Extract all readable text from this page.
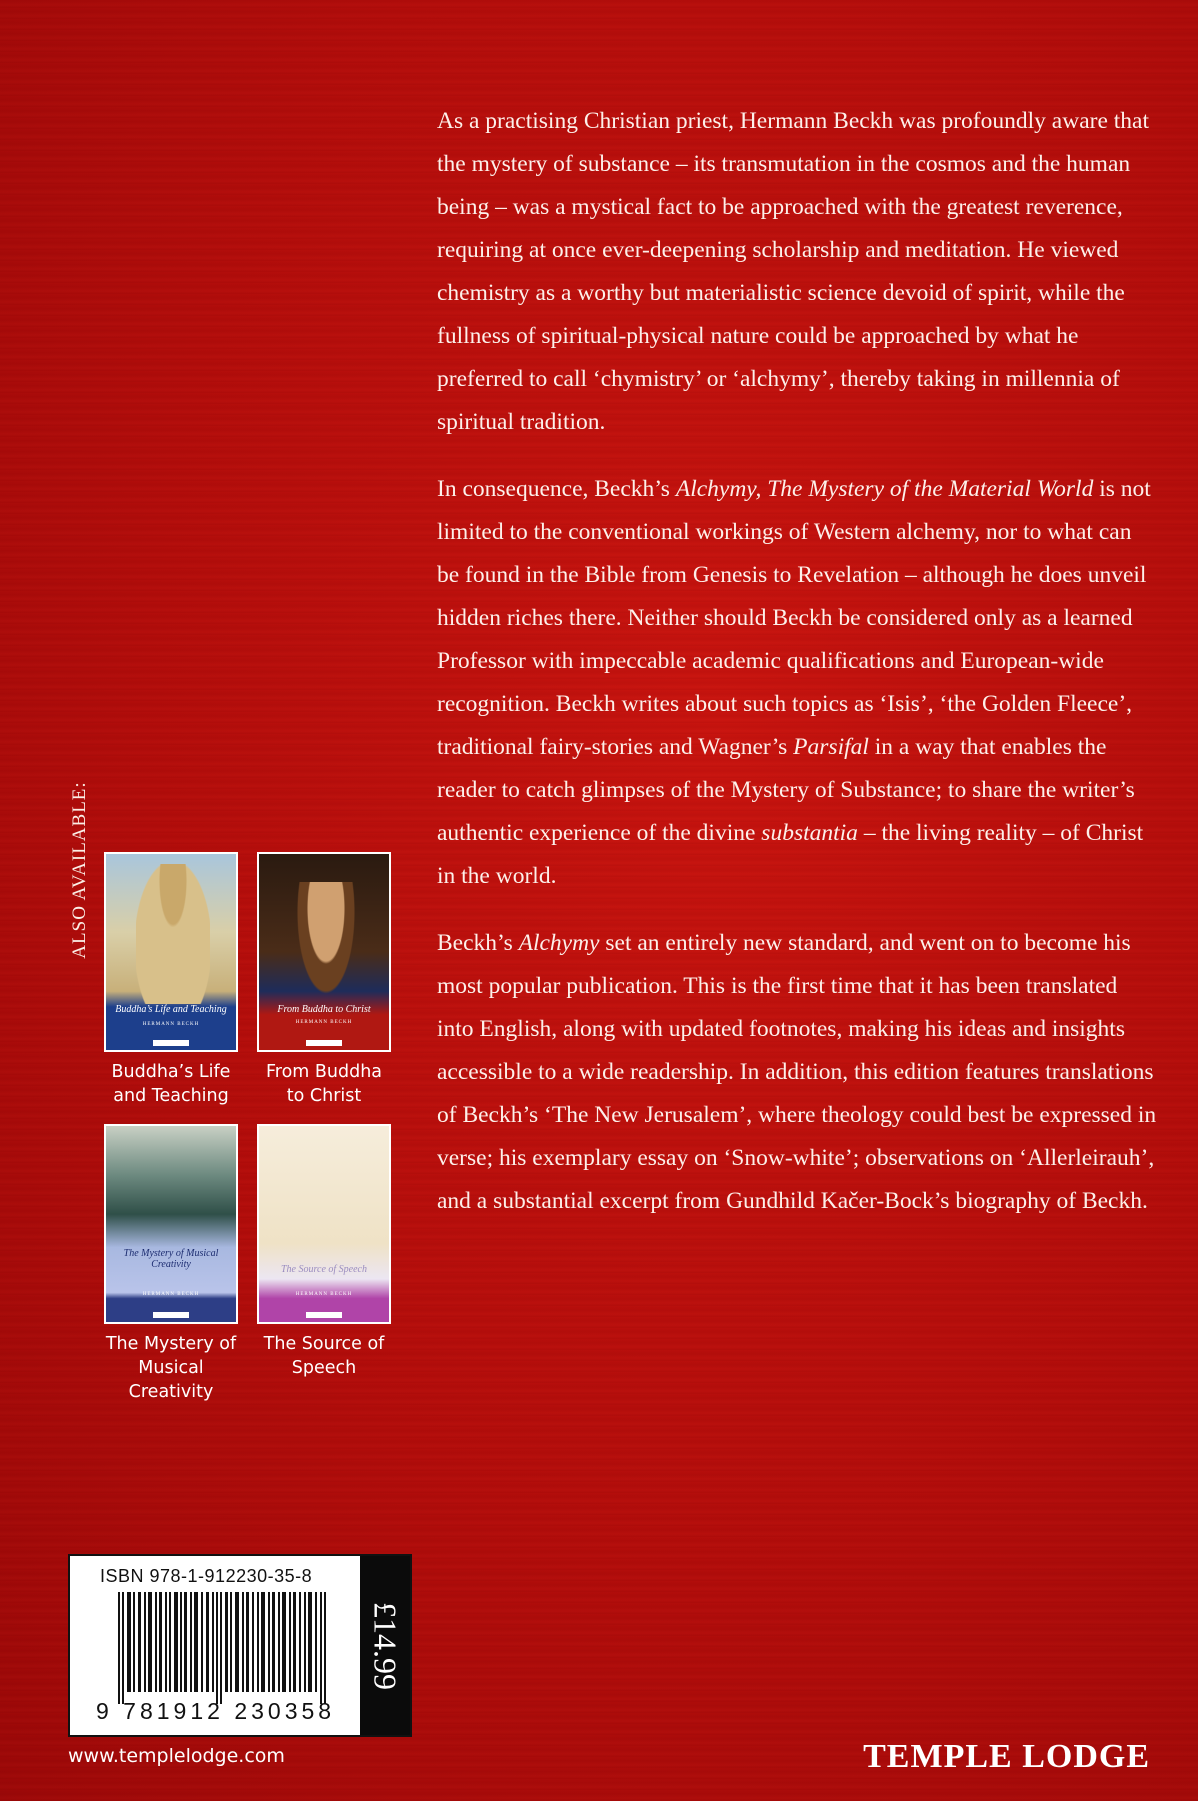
As a practising Christian priest, Hermann Beckh was profoundly aware that the mystery of substance – its transmutation in the cosmos and the human being – was a mystical fact to be approached with the greatest reverence, requiring at once ever-deepening scholarship and meditation. He viewed chemistry as a worthy but materialistic science devoid of spirit, while the fullness of spiritual-physical nature could be approached by what he preferred to call ‘chymistry’ or ‘alchymy’, thereby taking in millennia of spiritual tradition.

In consequence, Beckh’s Alchymy, The Mystery of the Material World is not limited to the conventional workings of Western alchemy, nor to what can be found in the Bible from Genesis to Revelation – although he does unveil hidden riches there. Neither should Beckh be considered only as a learned Professor with impeccable academic qualifications and European-wide recognition. Beckh writes about such topics as ‘Isis’, ‘the Golden Fleece’, traditional fairy-stories and Wagner’s Parsifal in a way that enables the reader to catch glimpses of the Mystery of Substance; to share the writer’s authentic experience of the divine substantia – the living reality – of Christ in the world.

Beckh’s Alchymy set an entirely new standard, and went on to become his most popular publication. This is the first time that it has been translated into English, along with updated footnotes, making his ideas and insights accessible to a wide readership. In addition, this edition features translations of Beckh’s ‘The New Jerusalem’, where theology could best be expressed in verse; his exemplary essay on ‘Snow-white’; observations on ‘Allerleirauh’, and a substantial excerpt from Gundhild Kačer-Bock’s biography of Beckh.

ALSO AVAILABLE:
Buddha’s Life and Teaching
HERMANN BECKH
Buddha’s Life and Teaching
From Buddha to Christ
HERMANN BECKH
From Buddha to Christ
The Mystery of Musical Creativity
HERMANN BECKH
The Mystery of Musical Creativity
The Source of Speech
HERMANN BECKH
The Source of Speech
ISBN 978-1-912230-35-8
9 781912 230358
£14.99
www.templelodge.com	TEMPLE LODGE
